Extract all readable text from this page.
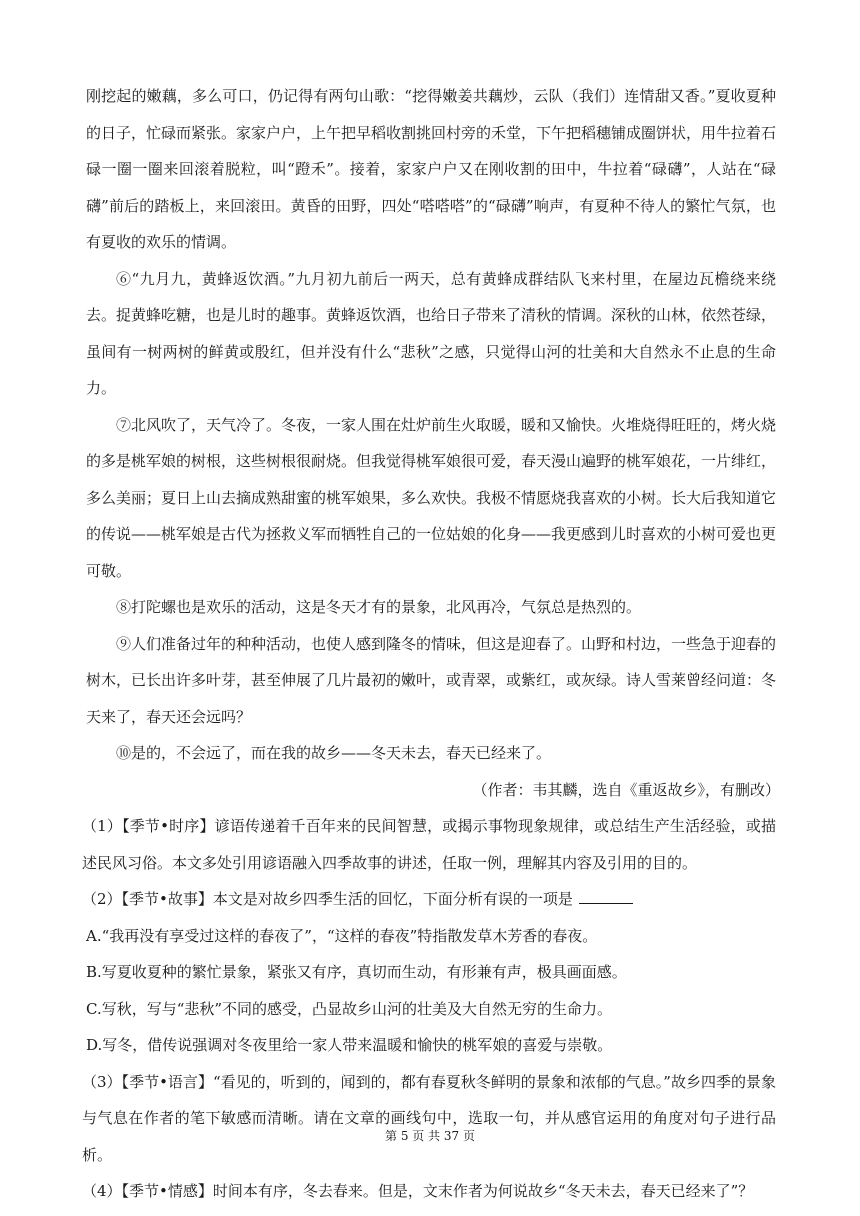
刚挖起的嫩藕，多么可口，仍记得有两句山歌：“挖得嫩姜共藕炒，云队（我们）连情甜又香。”夏收夏种的日子，忙碌而紧张。家家户户，上午把早稻收割挑回村旁的禾堂，下午把稻穗铺成圈饼状，用牛拉着石碌一圈一圈来回滚着脱粒，叫“蹬禾”。接着，家家户户又在刚收割的田中，牛拉着“碌礴”，人站在“碌礴”前后的踏板上，来回滚田。黄昏的田野，四处“嗒嗒嗒”的“碌礴”响声，有夏种不待人的繁忙气氛，也有夏收的欢乐的情调。

⑥“九月九，黄蜂返饮酒。”九月初九前后一两天，总有黄蜂成群结队飞来村里，在屋边瓦檐绕来绕去。捉黄蜂吃糖，也是儿时的趣事。黄蜂返饮酒，也给日子带来了清秋的情调。深秋的山林，依然苍绿，虽间有一树两树的鲜黄或殷红，但并没有什么“悲秋”之感，只觉得山河的壮美和大自然永不止息的生命力。

⑦北风吹了，天气冷了。冬夜，一家人围在灶炉前生火取暖，暖和又愉快。火堆烧得旺旺的，烤火烧的多是桃军娘的树根，这些树根很耐烧。但我觉得桃军娘很可爱，春天漫山遍野的桃军娘花，一片绯红，多么美丽；夏日上山去摘成熟甜蜜的桃军娘果，多么欢快。我极不情愿烧我喜欢的小树。长大后我知道它的传说——桃军娘是古代为拯救义军而牺牲自己的一位姑娘的化身——我更感到儿时喜欢的小树可爱也更可敬。

⑧打陀螺也是欢乐的活动，这是冬天才有的景象，北风再冷，气氛总是热烈的。

⑨人们准备过年的种种活动，也使人感到隆冬的情味，但这是迎春了。山野和村边，一些急于迎春的树木，已长出许多叶芽，甚至伸展了几片最初的嫩叶，或青翠，或紫红，或灰绿。诗人雪莱曾经问道：冬天来了，春天还会远吗？

⑩是的，不会远了，而在我的故乡——冬天未去，春天已经来了。

（作者：韦其麟，选自《重返故乡》，有删改）

（1）【季节•时序】谚语传递着千百年来的民间智慧，或揭示事物现象规律，或总结生产生活经验，或描述民风习俗。本文多处引用谚语融入四季故事的讲述，任取一例，理解其内容及引用的目的。

（2）【季节•故事】本文是对故乡四季生活的回忆，下面分析有误的一项是

A.“我再没有享受过这样的春夜了”，“这样的春夜”特指散发草木芳香的春夜。

B.写夏收夏种的繁忙景象，紧张又有序，真切而生动，有形兼有声，极具画面感。

C.写秋，写与“悲秋”不同的感受，凸显故乡山河的壮美及大自然无穷的生命力。

D.写冬，借传说强调对冬夜里给一家人带来温暖和愉快的桃军娘的喜爱与崇敬。

（3）【季节•语言】“看见的，听到的，闻到的，都有春夏秋冬鲜明的景象和浓郁的气息。”故乡四季的景象与气息在作者的笔下敏感而清晰。请在文章的画线句中，选取一句，并从感官运用的角度对句子进行品析。

（4）【季节•情感】时间本有序，冬去春来。但是，文末作者为何说故乡“冬天未去，春天已经来了”？

第 5 页 共 37 页
